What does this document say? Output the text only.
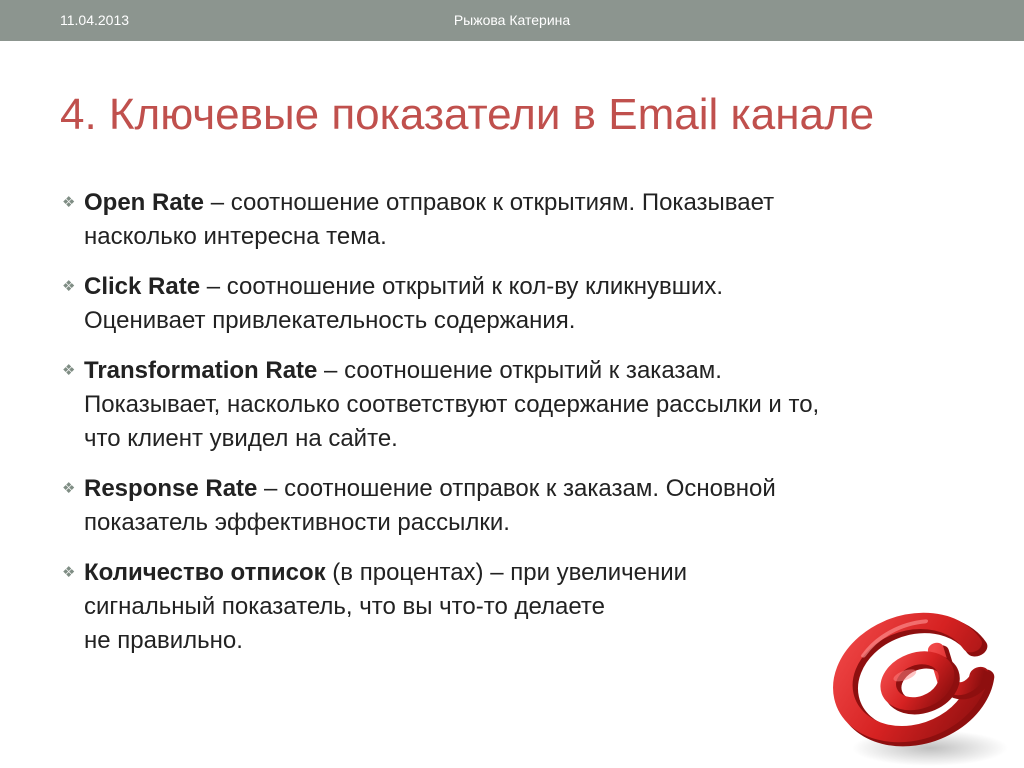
11.04.2013	Рыжова Катерина
4. Ключевые показатели в Email канале
❖ Open Rate – соотношение отправок к открытиям. Показывает
насколько интересна тема.
❖ Click Rate – соотношение открытий к кол-ву кликнувших.
Оценивает привлекательность содержания.
❖ Transformation Rate – соотношение открытий к заказам.
Показывает, насколько соответствуют содержание рассылки и то,
что клиент увидел на сайте.
❖ Response Rate – соотношение отправок к заказам. Основной
показатель эффективности рассылки.
❖ Количество отписок (в процентах) – при увеличении
сигнальный показатель, что вы что-то делаете
не правильно.
